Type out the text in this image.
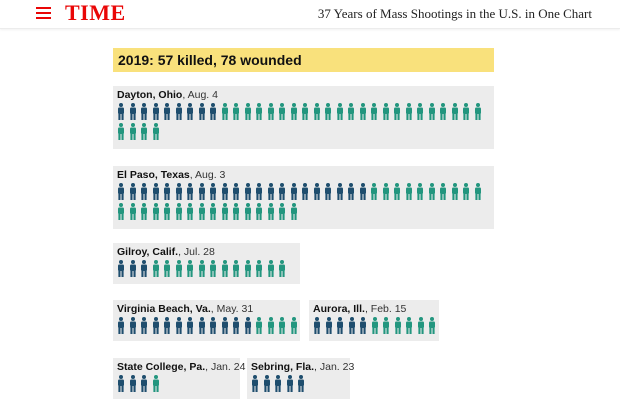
TIME	37 Years of Mass Shootings in the U.S. in One Chart
2019: 57 killed, 78 wounded
Dayton, Ohio, Aug. 4
El Paso, Texas, Aug. 3
Gilroy, Calif., Jul. 28
Virginia Beach, Va., May. 31	Aurora, Ill., Feb. 15
State College, Pa., Jan. 24 Sebring, Fla., Jan. 23
